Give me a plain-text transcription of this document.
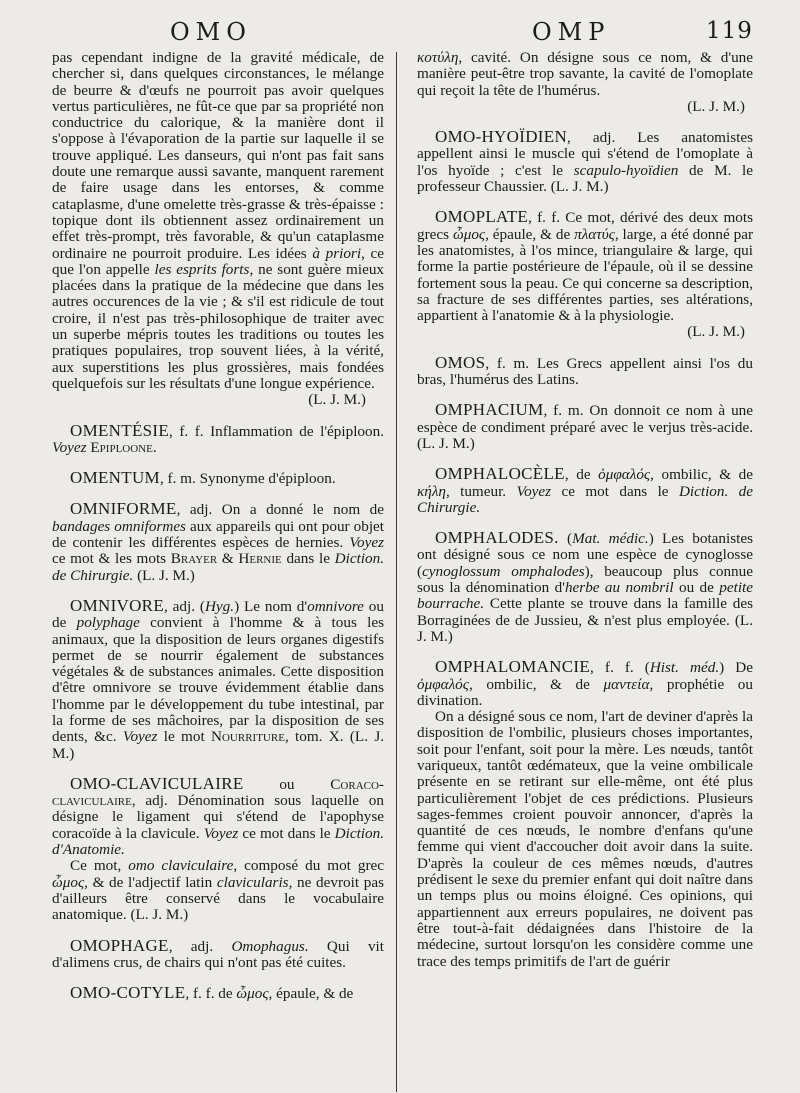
OMO	OMP	119

pas cependant indigne de la gravité médicale, de chercher si, dans quelques circonstances, le mélange de beurre & d'œufs ne pourroit pas avoir quelques vertus particulières, ne fût-ce que par sa propriété non conductrice du calorique, & la manière dont il s'oppose à l'évaporation de la partie sur laquelle il se trouve appliqué. Les danseurs, qui n'ont pas fait sans doute une remarque aussi savante, manquent rarement de faire usage dans les entorses, & comme cataplasme, d'une omelette très-grasse & très-épaisse : topique dont ils obtiennent assez ordinairement un effet très-prompt, très favorable, & qu'un cataplasme ordinaire ne pourroit produire. Les idées à priori, ce que l'on appelle les esprits forts, ne sont guère mieux placées dans la pratique de la médecine que dans les autres occurences de la vie ; & s'il est ridicule de tout croire, il n'est pas très-philosophique de traiter avec un superbe mépris toutes les traditions ou toutes les pratiques populaires, trop souvent liées, à la vérité, aux superstitions les plus grossières, mais fondées quelquefois sur les résultats d'une longue expérience.

(L. J. M.)

OMENTÉSIE, f. f. Inflammation de l'épiploon. Voyez Epiploone.

OMENTUM, f. m. Synonyme d'épiploon.

OMNIFORME, adj. On a donné le nom de bandages omniformes aux appareils qui ont pour objet de contenir les différentes espèces de hernies. Voyez ce mot & les mots Brayer & Hernie dans le Diction. de Chirurgie. (L. J. M.)

OMNIVORE, adj. (Hyg.) Le nom d'omnivore ou de polyphage convient à l'homme & à tous les animaux, que la disposition de leurs organes digestifs permet de se nourrir également de substances végétales & de substances animales. Cette disposition d'être omnivore se trouve évidemment établie dans l'homme par le développement du tube intestinal, par la forme de ses mâchoires, par la disposition de ses dents, &c. Voyez le mot Nourriture, tom. X. (L. J. M.)

OMO-CLAVICULAIRE ou Coraco-claviculaire, adj. Dénomination sous laquelle on désigne le ligament qui s'étend de l'apophyse coracoïde à la clavicule. Voyez ce mot dans le Diction. d'Anatomie.

Ce mot, omo claviculaire, composé du mot grec ὦμος, & de l'adjectif latin clavicularis, ne devroit pas d'ailleurs être conservé dans le vocabulaire anatomique. (L. J. M.)

OMOPHAGE, adj. Omophagus. Qui vit d'alimens crus, de chairs qui n'ont pas été cuites.

OMO-COTYLE, f. f. de ὦμος, épaule, & de

κοτύλη, cavité. On désigne sous ce nom, & d'une manière peut-être trop savante, la cavité de l'omoplate qui reçoit la tête de l'humérus.

(L. J. M.)

OMO-HYOÏDIEN, adj. Les anatomistes appellent ainsi le muscle qui s'étend de l'omoplate à l'os hyoïde ; c'est le scapulo-hyoïdien de M. le professeur Chaussier. (L. J. M.)

OMOPLATE, f. f. Ce mot, dérivé des deux mots grecs ὦμος, épaule, & de πλατύς, large, a été donné par les anatomistes, à l'os mince, triangulaire & large, qui forme la partie postérieure de l'épaule, où il se dessine fortement sous la peau. Ce qui concerne sa description, sa fracture de ses différentes parties, ses altérations, appartient à l'anatomie & à la physiologie.

(L. J. M.)

OMOS, f. m. Les Grecs appellent ainsi l'os du bras, l'humérus des Latins.

OMPHACIUM, f. m. On donnoit ce nom à une espèce de condiment préparé avec le verjus très-acide. (L. J. M.)

OMPHALOCÈLE, de ὀμφαλός, ombilic, & de κήλη, tumeur. Voyez ce mot dans le Diction. de Chirurgie.

OMPHALODES. (Mat. médic.) Les botanistes ont désigné sous ce nom une espèce de cynoglosse (cynoglossum omphalodes), beaucoup plus connue sous la dénomination d'herbe au nombril ou de petite bourrache. Cette plante se trouve dans la famille des Borraginées de de Jussieu, & n'est plus employée. (L. J. M.)

OMPHALOMANCIE, f. f. (Hist. méd.) De ὀμφαλός, ombilic, & de μαντεία, prophétie ou divination.

On a désigné sous ce nom, l'art de deviner d'après la disposition de l'ombilic, plusieurs choses importantes, soit pour l'enfant, soit pour la mère. Les nœuds, tantôt variqueux, tantôt œdémateux, que la veine ombilicale présente en se retirant sur elle-même, ont été plus particulièrement l'objet de ces prédictions. Plusieurs sages-femmes croient pouvoir annoncer, d'après la quantité de ces nœuds, le nombre d'enfans qu'une femme qui vient d'accoucher doit avoir dans la suite. D'après la couleur de ces mêmes nœuds, d'autres prédisent le sexe du premier enfant qui doit naître dans un temps plus ou moins éloigné. Ces opinions, qui appartiennent aux erreurs populaires, ne doivent pas être tout-à-fait dédaignées dans l'histoire de la médecine, surtout lorsqu'on les considère comme une trace des temps primitifs de l'art de guérir
